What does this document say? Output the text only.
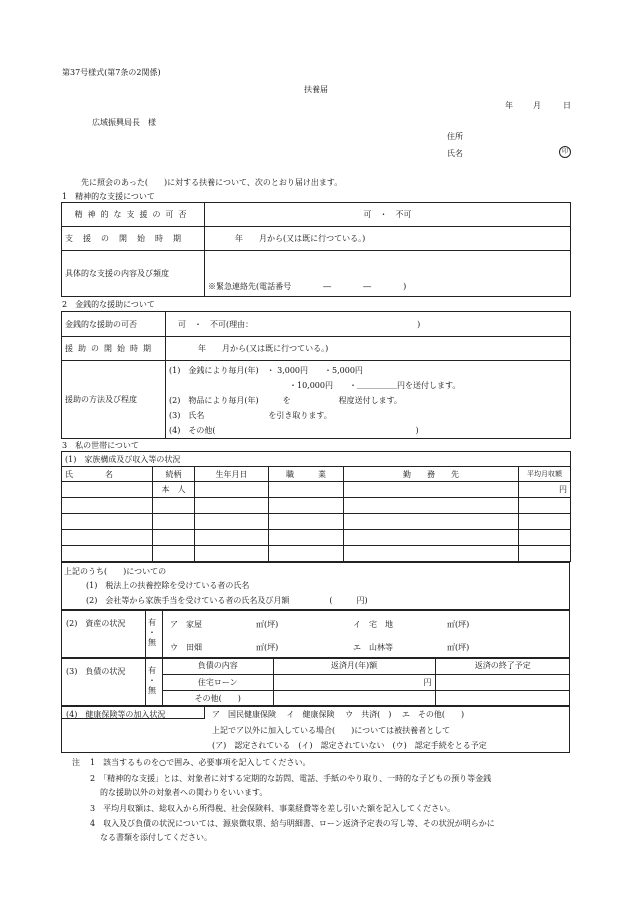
第37号様式(第7条の2関係)
扶養届
年	月	日
広域振興局長　様
住所
氏名	印
先に照会のあった(　　)に対する扶養について、次のとおり届け出ます。
1　精神的な支援について
精神的な支援の可否	可　・　不可
支援の開始時期	年　　月から(又は既に行つている。)
具体的な支援の内容及び頻度	※緊急連絡先(電話番号　　　　―　　　　―　　　　)
2　金銭的な援助について
金銭的な援助の可否	可　・　不可(理由：　　　　　　　　　　　　　　　　　　　　　)
援助の開始時期	年　　月から(又は既に行つている。)
援助の方法及び程度	(1)　金銭により毎月(年)　・ 3,000円　　・5,000円
・10,000円　　・＿＿＿＿＿円を送付します。
(2)　物品により毎月(年)　　　を　　　　　　程度送付します。
(3)　氏名　　　　　　　　を引き取ります。
(4)　その他(　　　　　　　　　　　　　　　　　　　　　　　　　)
3　私の世帯について
(1)　家族構成及び収入等の状況					
氏　　　　名	続柄	生年月日	職　　　業	勤　　務　　先	平均月収額
	本　人				円

上記のうち(　　)についての
(1)　税法上の扶養控除を受けている者の氏名
(2)　会社等から家族手当を受けている者の氏名及び月額　　　　　(　　　円)
(2)　資産の状況	有
・
無
ア　家屋	㎡(坪)	イ　宅　地	㎡(坪)
ウ　田畑	㎡(坪)	エ　山林等	㎡(坪)
(3)　負債の状況	有
・
無
負債の内容	返済月(年)額	返済の終了予定
住宅ローン	円	
その他(　　)		
(4)　健康保険等の加入状況	ア　国民健康保険　 イ　健康保険　 ウ　共済(　)　 エ　その他(　　)
上記でア以外に加入している場合(　　)については被扶養者として
(ア)　認定されている　(イ)　認定されていない　(ウ)　認定手続をとる予定
注 1　該当するものを○で囲み、必要事項を記入してください。
2　「精神的な支援」とは、対象者に対する定期的な訪問、電話、手紙のやり取り、一時的な子どもの預り等金銭
的な援助以外の対象者への関わりをいいます。
3　平均月収額は、総収入から所得税、社会保険料、事業経費等を差し引いた額を記入してください。
4　収入及び負債の状況については、源泉徴収票、給与明細書、ローン返済予定表の写し等、その状況が明らかに
なる書類を添付してください。
